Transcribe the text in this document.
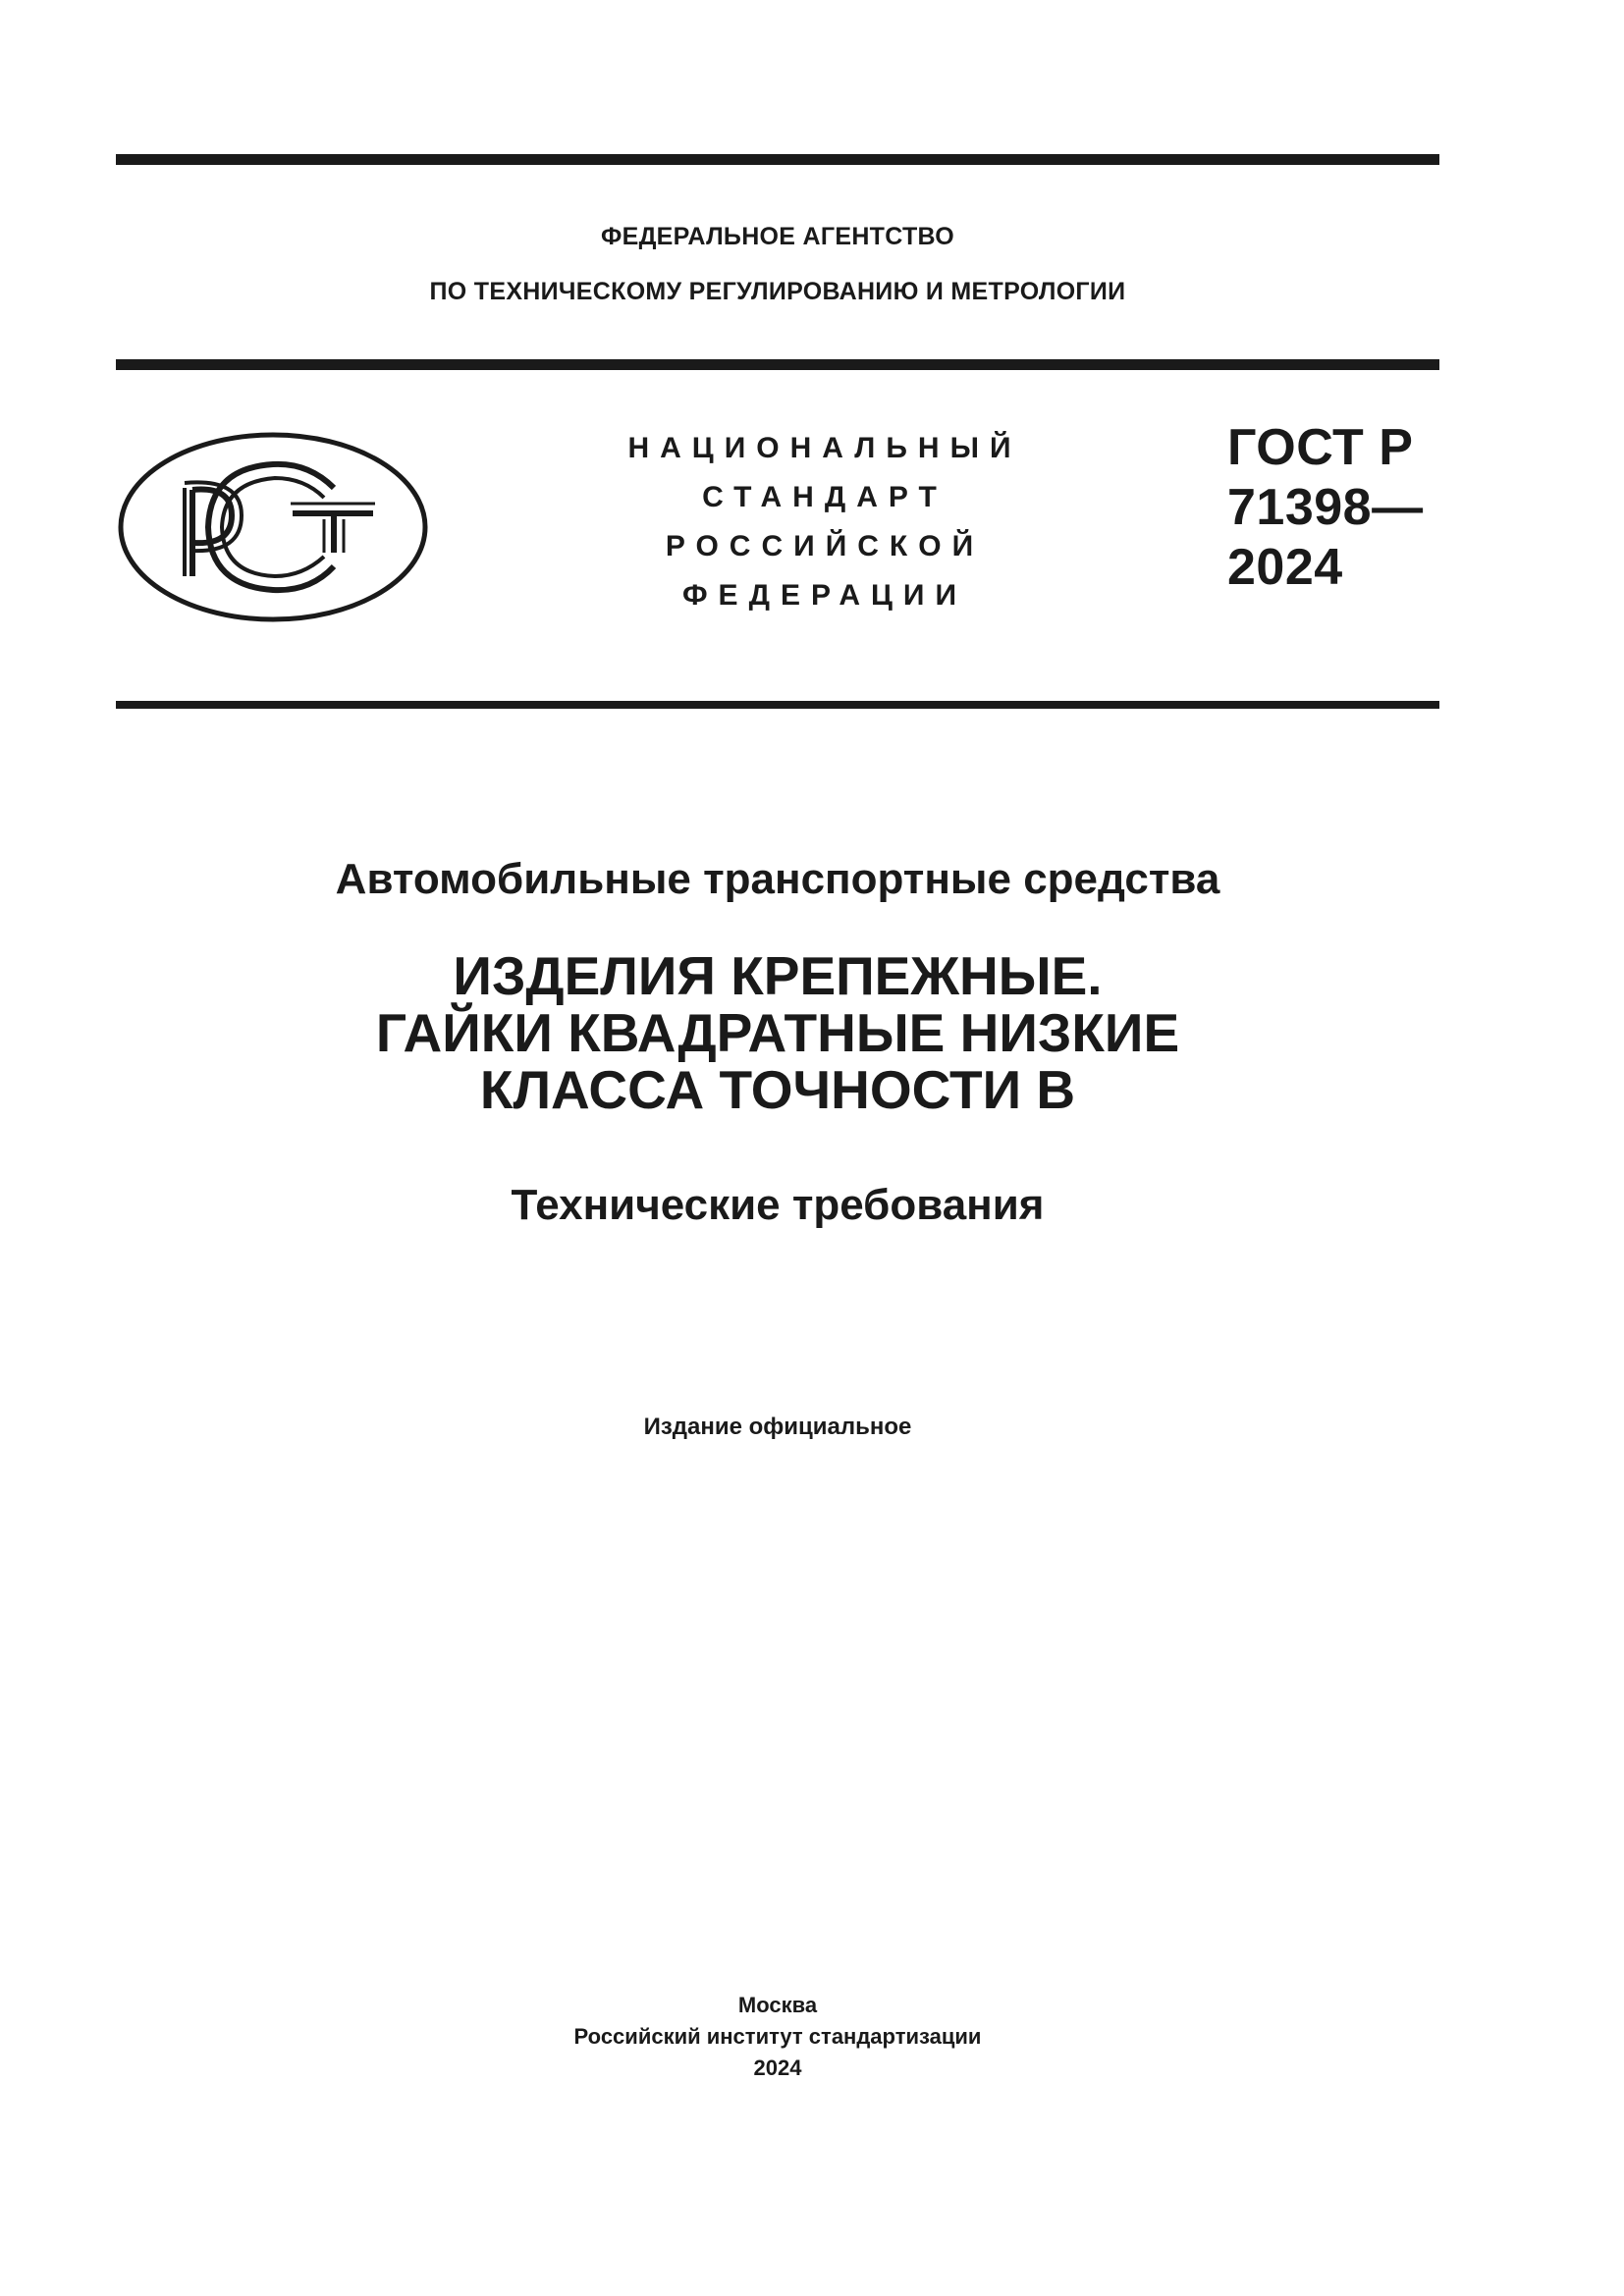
ФЕДЕРАЛЬНОЕ АГЕНТСТВО
ПО ТЕХНИЧЕСКОМУ РЕГУЛИРОВАНИЮ И МЕТРОЛОГИИ
НАЦИОНАЛЬНЫЙ
СТАНДАРТ
РОССИЙСКОЙ
ФЕДЕРАЦИИ
ГОСТ Р
71398—
2024
Автомобильные транспортные средства
ИЗДЕЛИЯ КРЕПЕЖНЫЕ.
ГАЙКИ КВАДРАТНЫЕ НИЗКИЕ
КЛАССА ТОЧНОСТИ В
Технические требования
Издание официальное
Москва
Российский институт стандартизации
2024
